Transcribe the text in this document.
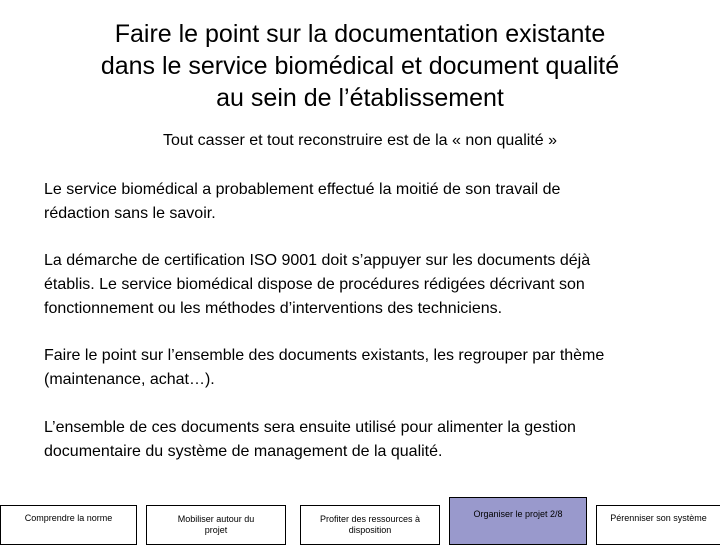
Faire le point sur la documentation existante
dans le service biomédical et document qualité
au sein de l’établissement
Tout casser et tout reconstruire est de la « non qualité »
Le service biomédical a probablement effectué la moitié de son travail de
rédaction sans le savoir.
La démarche de certification ISO 9001 doit s’appuyer sur les documents déjà
établis. Le service biomédical dispose de procédures rédigées décrivant son
fonctionnement ou les méthodes d’interventions des techniciens.
Faire le point sur l’ensemble des documents existants, les regrouper par thème
(maintenance, achat…).
L’ensemble de ces documents sera ensuite utilisé pour alimenter la gestion
documentaire du système de management de la qualité.
Comprendre la norme	Mobiliser autour du
projet
Profiter des ressources à
disposition
Organiser le projet 2/8	Pérenniser son système
